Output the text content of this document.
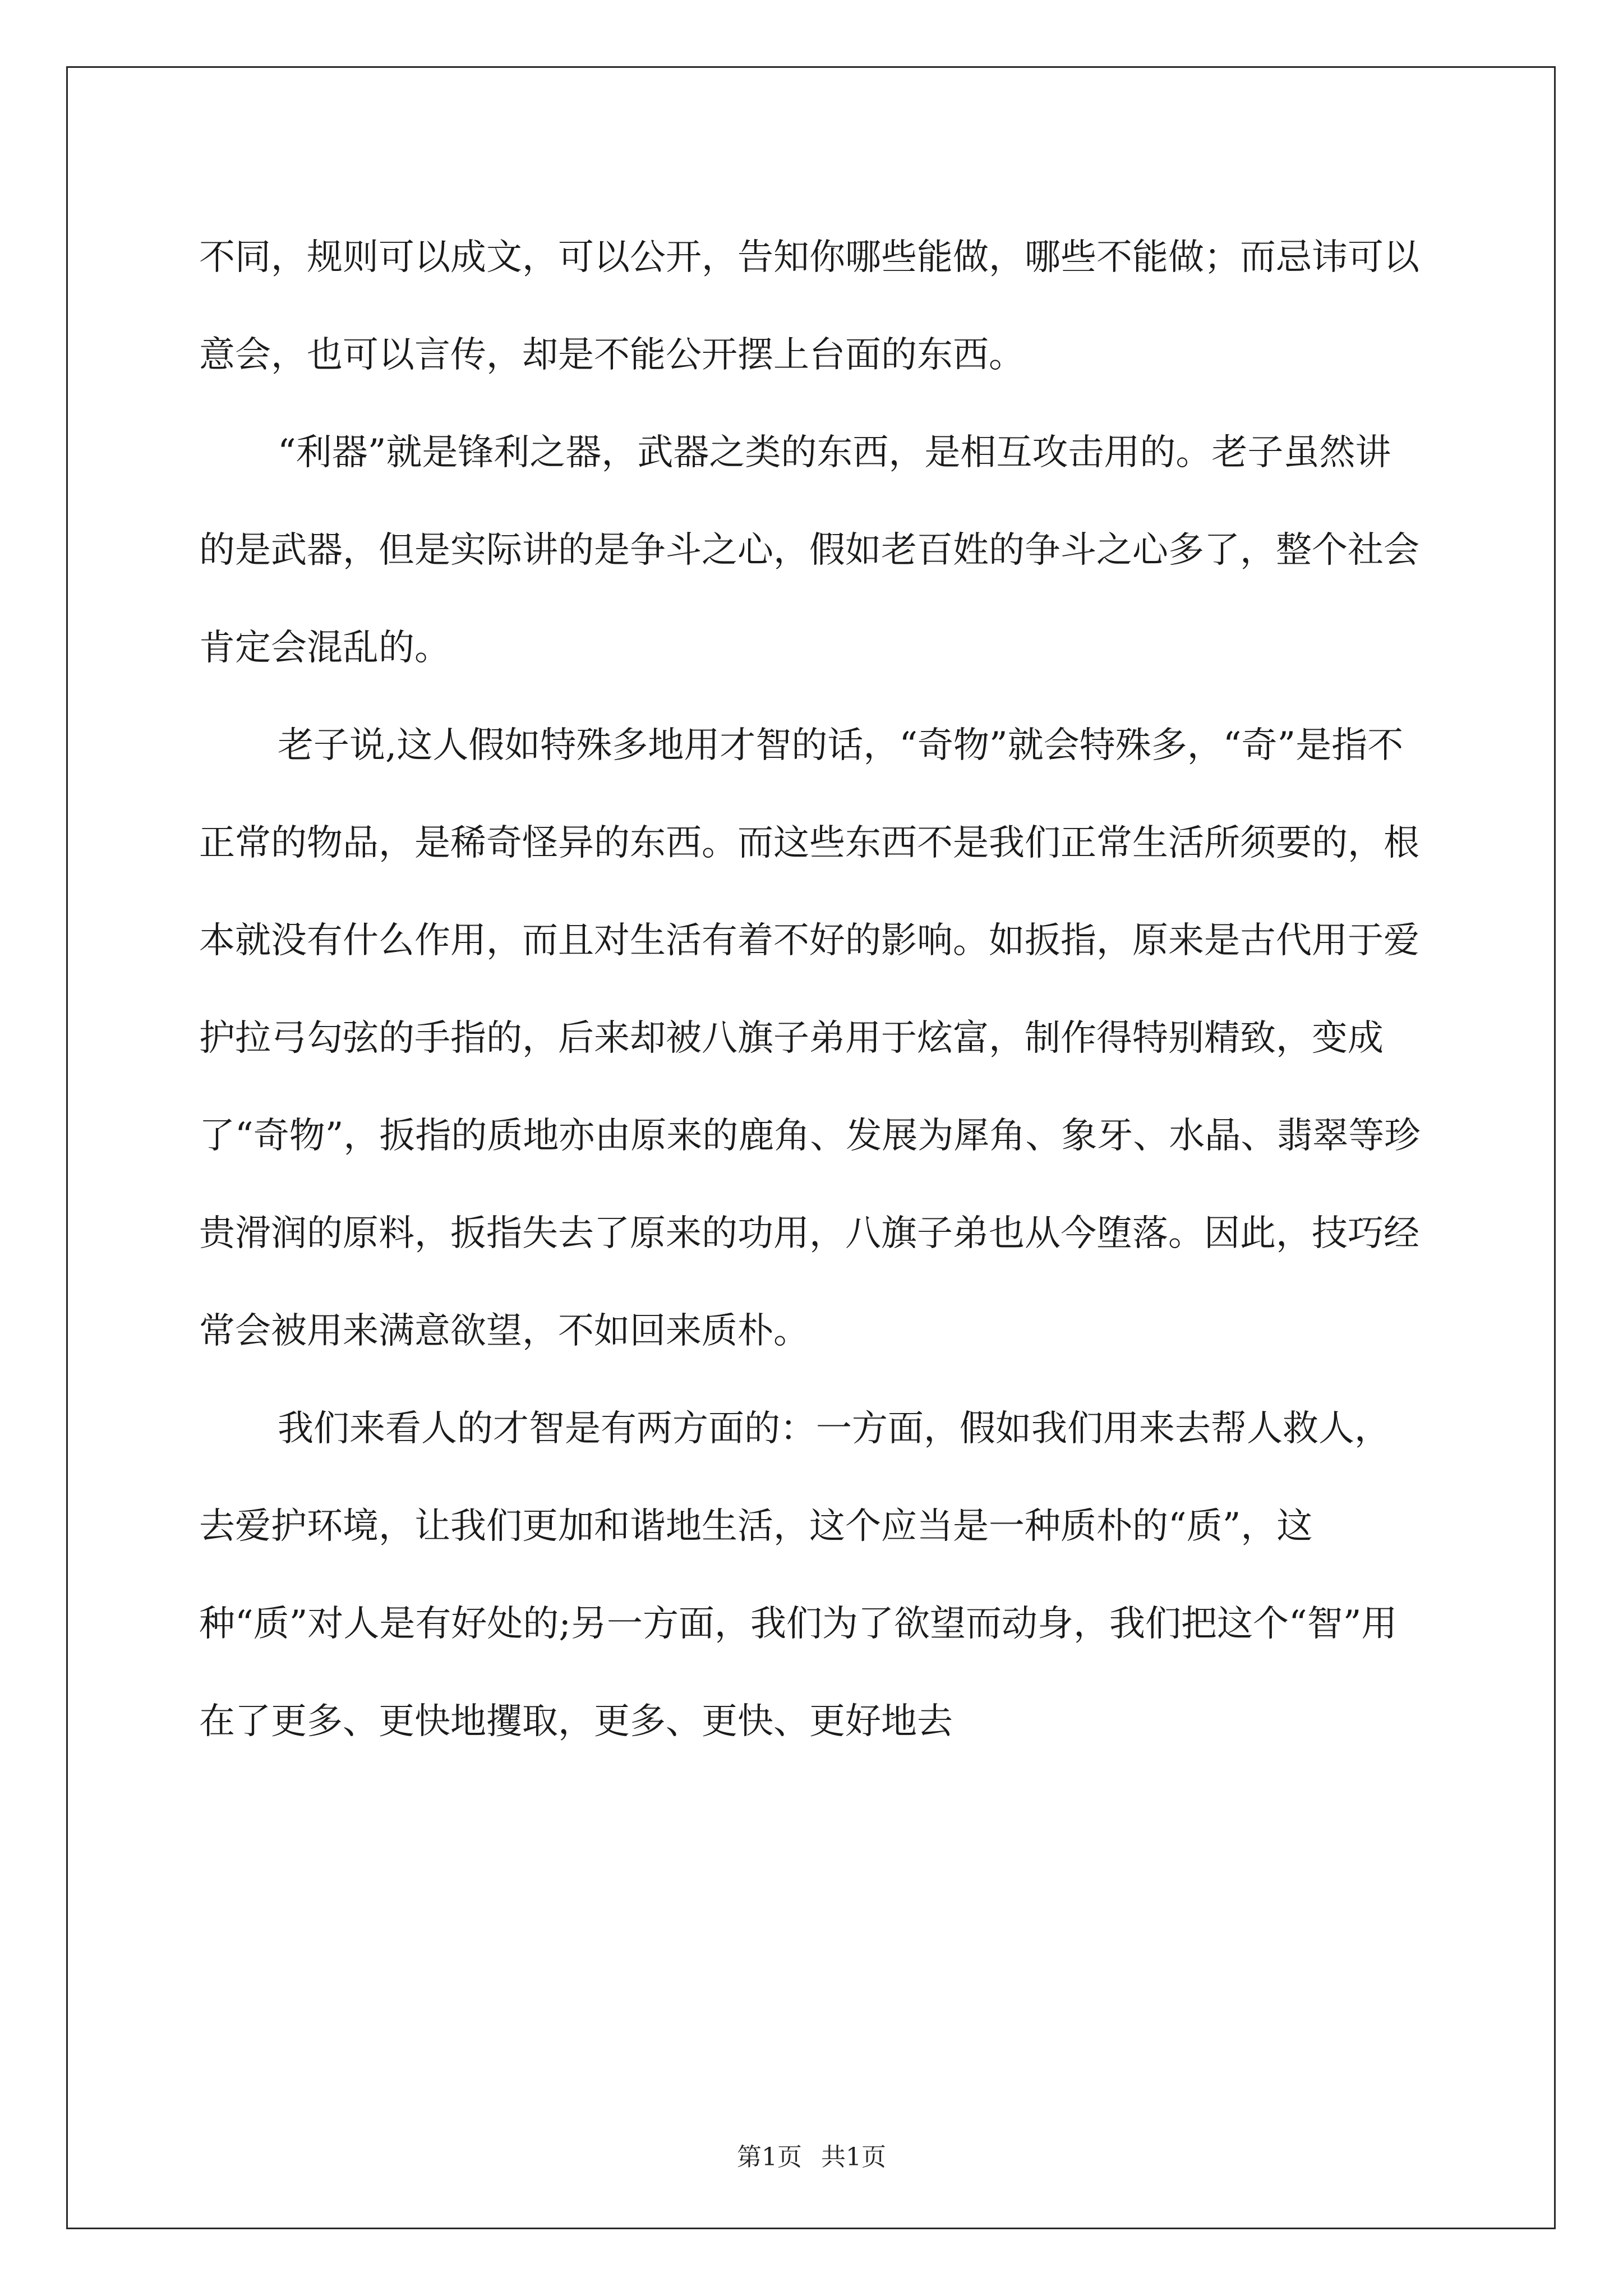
不同，规则可以成文，可以公开，告知你哪些能做，哪些不能做；而忌讳可以意会，也可以言传，却是不能公开摆上台面的东西。

“利器”就是锋利之器，武器之类的东西，是相互攻击用的。老子虽然讲的是武器，但是实际讲的是争斗之心，假如老百姓的争斗之心多了，整个社会肯定会混乱的。

老子说,这人假如特殊多地用才智的话，“奇物”就会特殊多，“奇”是指不正常的物品，是稀奇怪异的东西。而这些东西不是我们正常生活所须要的，根本就没有什么作用，而且对生活有着不好的影响。如扳指，原来是古代用于爱护拉弓勾弦的手指的，后来却被八旗子弟用于炫富，制作得特别精致，变成了“奇物”，扳指的质地亦由原来的鹿角、发展为犀角、象牙、水晶、翡翠等珍贵滑润的原料，扳指失去了原来的功用，八旗子弟也从今堕落。因此，技巧经常会被用来满意欲望，不如回来质朴。

我们来看人的才智是有两方面的：一方面，假如我们用来去帮人救人，去爱护环境，让我们更加和谐地生活，这个应当是一种质朴的“质”，这种“质”对人是有好处的;另一方面，我们为了欲望而动身，我们把这个“智”用在了更多、更快地攫取，更多、更快、更好地去

第1页 共1页
